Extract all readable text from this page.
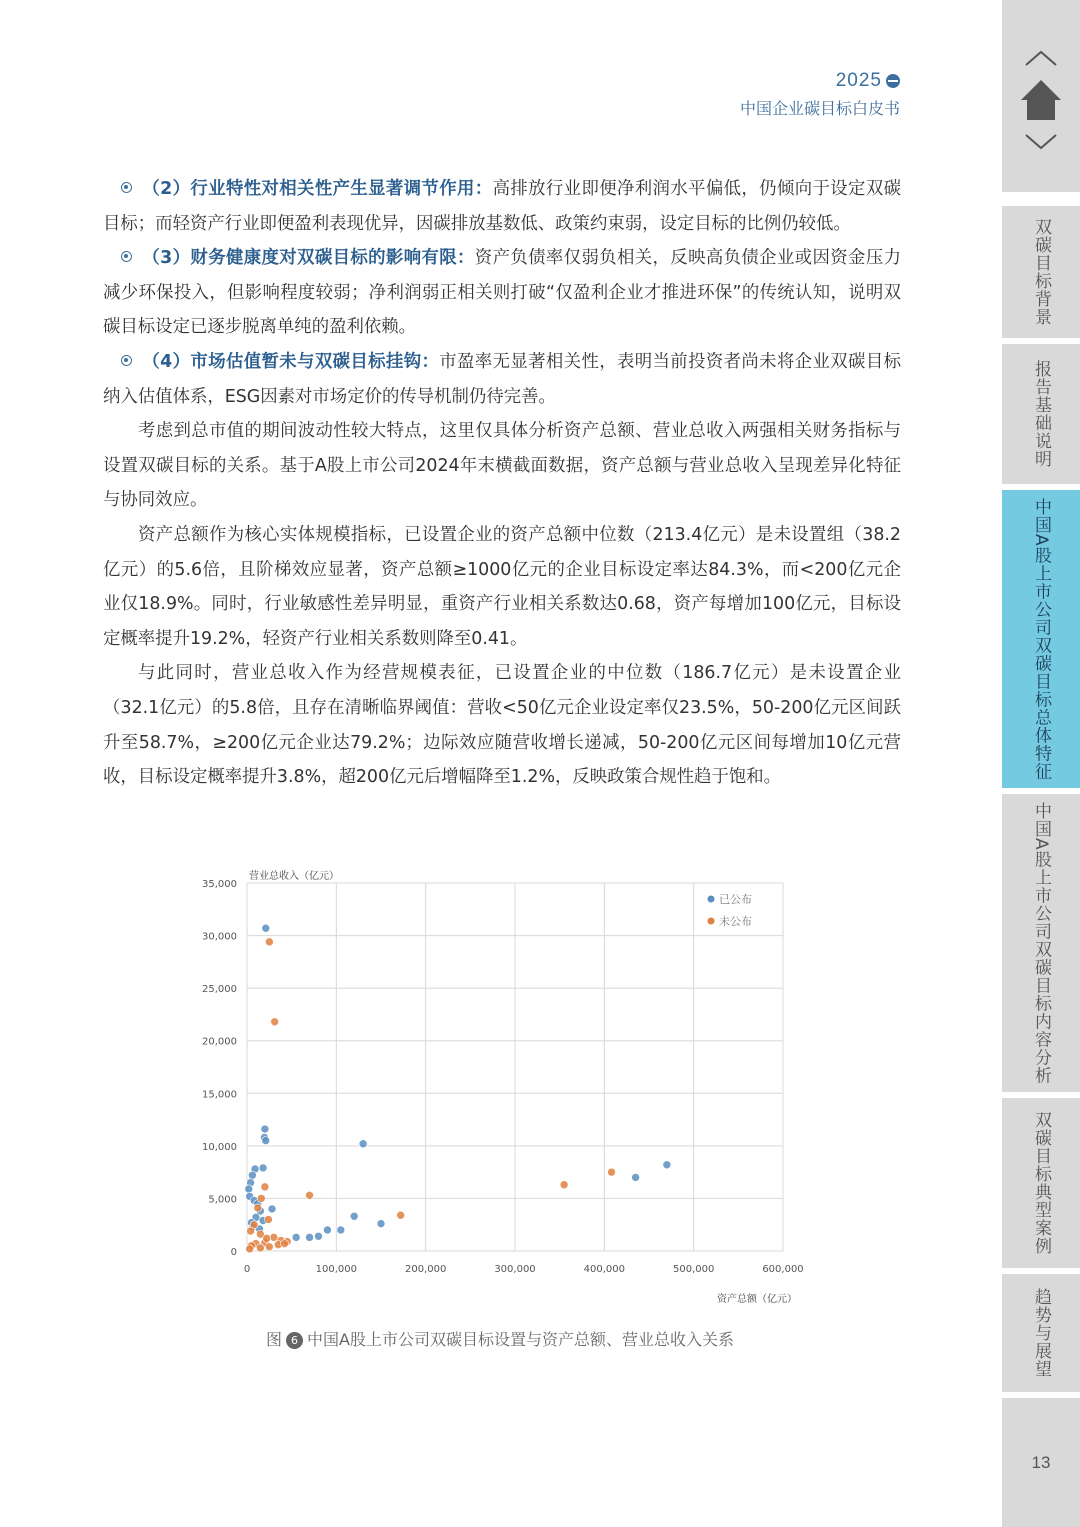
2025
中国企业碳目标白皮书

（2）行业特性对相关性产生显著调节作用：高排放行业即便净利润水平偏低，仍倾向于设定双碳目标；而轻资产行业即便盈利表现优异，因碳排放基数低、政策约束弱，设定目标的比例仍较低。

（3）财务健康度对双碳目标的影响有限：资产负债率仅弱负相关，反映高负债企业或因资金压力减少环保投入，但影响程度较弱；净利润弱正相关则打破“仅盈利企业才推进环保”的传统认知，说明双碳目标设定已逐步脱离单纯的盈利依赖。

（4）市场估值暂未与双碳目标挂钩：市盈率无显著相关性，表明当前投资者尚未将企业双碳目标纳入估值体系，ESG因素对市场定价的传导机制仍待完善。

考虑到总市值的期间波动性较大特点，这里仅具体分析资产总额、营业总收入两强相关财务指标与设置双碳目标的关系。基于A股上市公司2024年末横截面数据，资产总额与营业总收入呈现差异化特征与协同效应。

资产总额作为核心实体规模指标，已设置企业的资产总额中位数（213.4亿元）是未设置组（38.2亿元）的5.6倍，且阶梯效应显著，资产总额≥1000亿元的企业目标设定率达84.3%，而<200亿元企业仅18.9%。同时，行业敏感性差异明显，重资产行业相关系数达0.68，资产每增加100亿元，目标设定概率提升19.2%，轻资产行业相关系数则降至0.41。

与此同时，营业总收入作为经营规模表征，已设置企业的中位数（186.7亿元）是未设置企业（32.1亿元）的5.8倍，且存在清晰临界阈值：营收<50亿元企业设定率仅23.5%，50-200亿元区间跃升至58.7%，≥200亿元企业达79.2%；边际效应随营收增长递减，50-200亿元区间每增加10亿元营收，目标设定概率提升3.8%，超200亿元后增幅降至1.2%，反映政策合规性趋于饱和。

0	100,000	200,000	300,000	400,000	500,000	600,000
0
5,000
10,000
15,000
20,000
25,000
30,000
35,000
营业总收入（亿元）
资产总额（亿元）
已公布
未公布
图 6 中国A股上市公司双碳目标设置与资产总额、营业总收入关系
双碳目标背景
报告基础说明
中国A股上市公司双碳目标总体特征
中国A股上市公司双碳目标内容分析
双碳目标典型案例
趋势与展望
13
